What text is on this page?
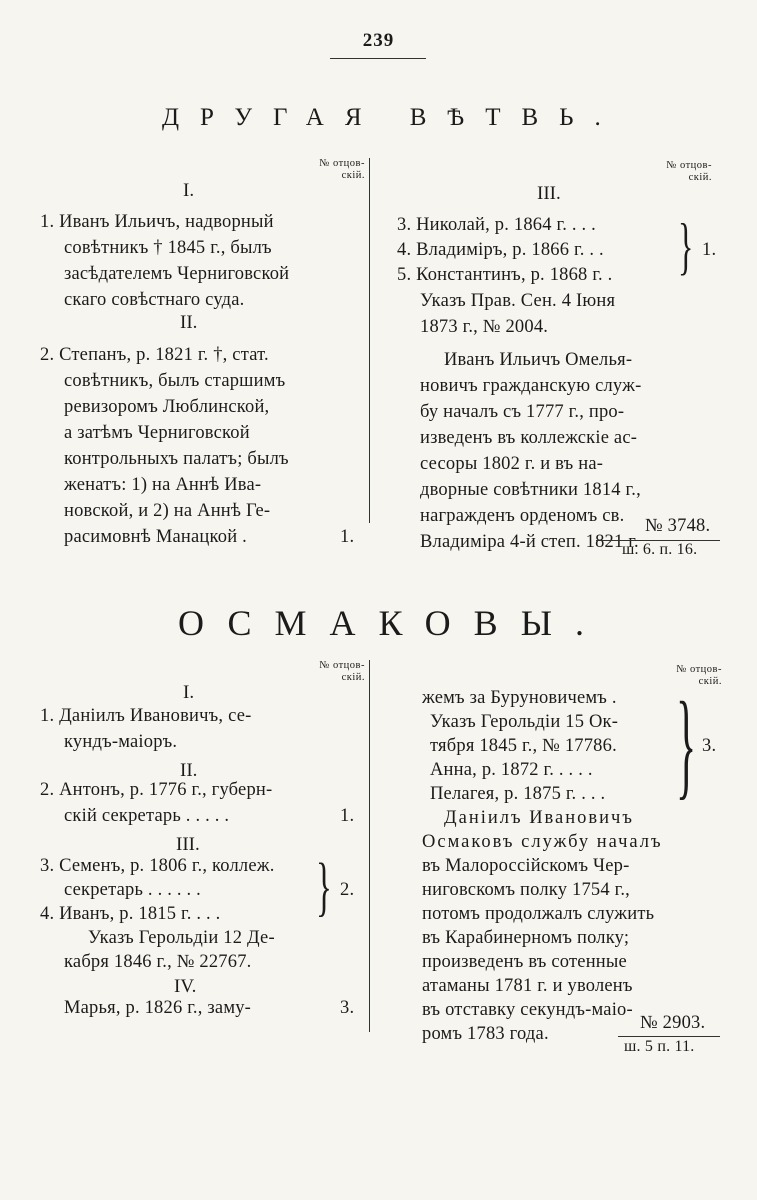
239
ДРУГАЯ ВѢТВЬ.
№ отцов-
скій.
№ отцов-
скій.
I.
1. Иванъ Ильичъ, надворный
совѣтникъ † 1845 г., былъ
засѣдателемъ Черниговской
скаго совѣстнаго суда.
II.
2. Степанъ, р. 1821 г. †, стат.
совѣтникъ, былъ старшимъ
ревизоромъ Люблинской,
а затѣмъ Черниговской
контрольныхъ палатъ; былъ
женатъ: 1) на Аннѣ Ива-
новской, и 2) на Аннѣ Ге-
расимовнѣ Манацкой .	1.
III.
3. Николай, р. 1864 г. . . .
4. Владиміръ, р. 1866 г. . .
5. Константинъ, р. 1868 г. . } 1.
Указъ Прав. Сен. 4 Іюня
1873 г., № 2004.
Иванъ Ильичъ Омелья-
новичъ гражданскую служ-
бу началъ съ 1777 г., про-
изведенъ въ коллежскіе ас-
сесоры 1802 г. и въ на-
дворные совѣтники 1814 г.,
награжденъ орденомъ св.
Владиміра 4-й степ. 1821 г.
№ 3748.
ш. 6. п. 16.
ОСМАКОВЫ.
№ отцов-
скій.
№ отцов-
скій.
I.
1. Даніилъ Ивановичъ, се-
кундъ-маіоръ.
II.
2. Антонъ, р. 1776 г., губерн-
скій секретарь . . . . .	1.
III.
3. Семенъ, р. 1806 г., коллеж.
секретарь . . . . . .
4. Иванъ, р. 1815 г. . . . } 2.
Указъ Герольдіи 12 Де-
кабря 1846 г., № 22767.
IV.
Марья, р. 1826 г., заму-	3.
жемъ за Буруновичемъ .
Указъ Герольдіи 15 Ок-
тября 1845 г., № 17786.
Анна, р. 1872 г. . . . .
Пелагея, р. 1875 г. . . . } 3.
Даніилъ Ивановичъ
Осмаковъ службу началъ
въ Малороссійскомъ Чер-
ниговскомъ полку 1754 г.,
потомъ продолжалъ служить
въ Карабинерномъ полку;
произведенъ въ сотенные
атаманы 1781 г. и уволенъ
въ отставку секундъ-маіо-
ромъ 1783 года.
№ 2903.
ш. 5 п. 11.
